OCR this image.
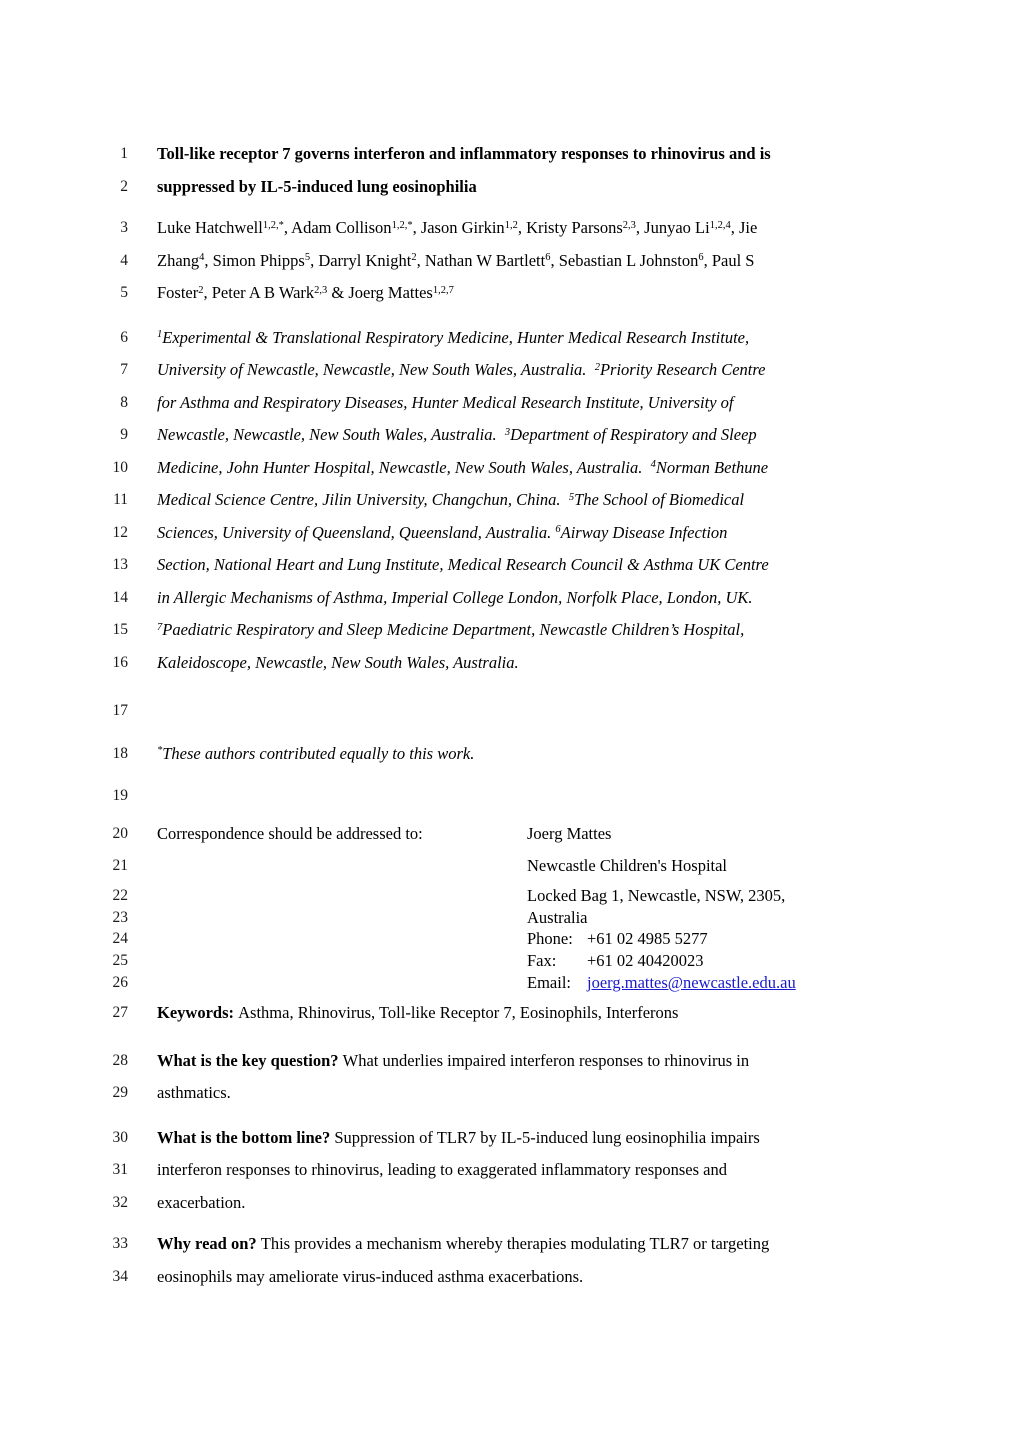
1 Toll-like receptor 7 governs interferon and inflammatory responses to rhinovirus and is
2 suppressed by IL-5-induced lung eosinophilia
3 Luke Hatchwell$^{1,2,*}$, Adam Collison$^{1,2,*}$, Jason Girkin$^{1,2}$, Kristy Parsons$^{2,3}$, Junyao Li$^{1,2,4}$, Jie
4 Zhang$^4$, Simon Phipps$^5$, Darryl Knight$^2$, Nathan W Bartlett$^6$, Sebastian L Johnston$^6$, Paul S
5 Foster$^2$, Peter A B Wark$^{2,3}$ & Joerg Mattes$^{1,2,7}$
6	$^1$Experimental & Translational Respiratory Medicine, Hunter Medical Research Institute,
7 University of Newcastle, Newcastle, New South Wales, Australia.  $^2$Priority Research Centre
8 for Asthma and Respiratory Diseases, Hunter Medical Research Institute, University of
9 Newcastle, Newcastle, New South Wales, Australia.  $^3$Department of Respiratory and Sleep
10 Medicine, John Hunter Hospital, Newcastle, New South Wales, Australia.  $^4$Norman Bethune
11 Medical Science Centre, Jilin University, Changchun, China.  $^5$The School of Biomedical
12 Sciences, University of Queensland, Queensland, Australia. $^6$Airway Disease Infection
13 Section, National Heart and Lung Institute, Medical Research Council & Asthma UK Centre
14 in Allergic Mechanisms of Asthma, Imperial College London, Norfolk Place, London, UK.
15	$^7$Paediatric Respiratory and Sleep Medicine Department, Newcastle Children’s Hospital,
16 Kaleidoscope, Newcastle, New South Wales, Australia.
17
18	*These authors contributed equally to this work.
19
20 Correspondence should be addressed to:	Joerg Mattes
21	Newcastle Children's Hospital
22	Locked Bag 1, Newcastle, NSW, 2305,
23	Australia
24	Phone: +61 02 4985 5277
25	Fax: +61 02 40420023
26	Email: joerg.mattes@newcastle.edu.au
27 Keywords: Asthma, Rhinovirus, Toll-like Receptor 7, Eosinophils, Interferons
28 What is the key question? What underlies impaired interferon responses to rhinovirus in
29 asthmatics.
30 What is the bottom line? Suppression of TLR7 by IL-5-induced lung eosinophilia impairs
31 interferon responses to rhinovirus, leading to exaggerated inflammatory responses and
32 exacerbation.
33 Why read on? This provides a mechanism whereby therapies modulating TLR7 or targeting
34 eosinophils may ameliorate virus-induced asthma exacerbations.
